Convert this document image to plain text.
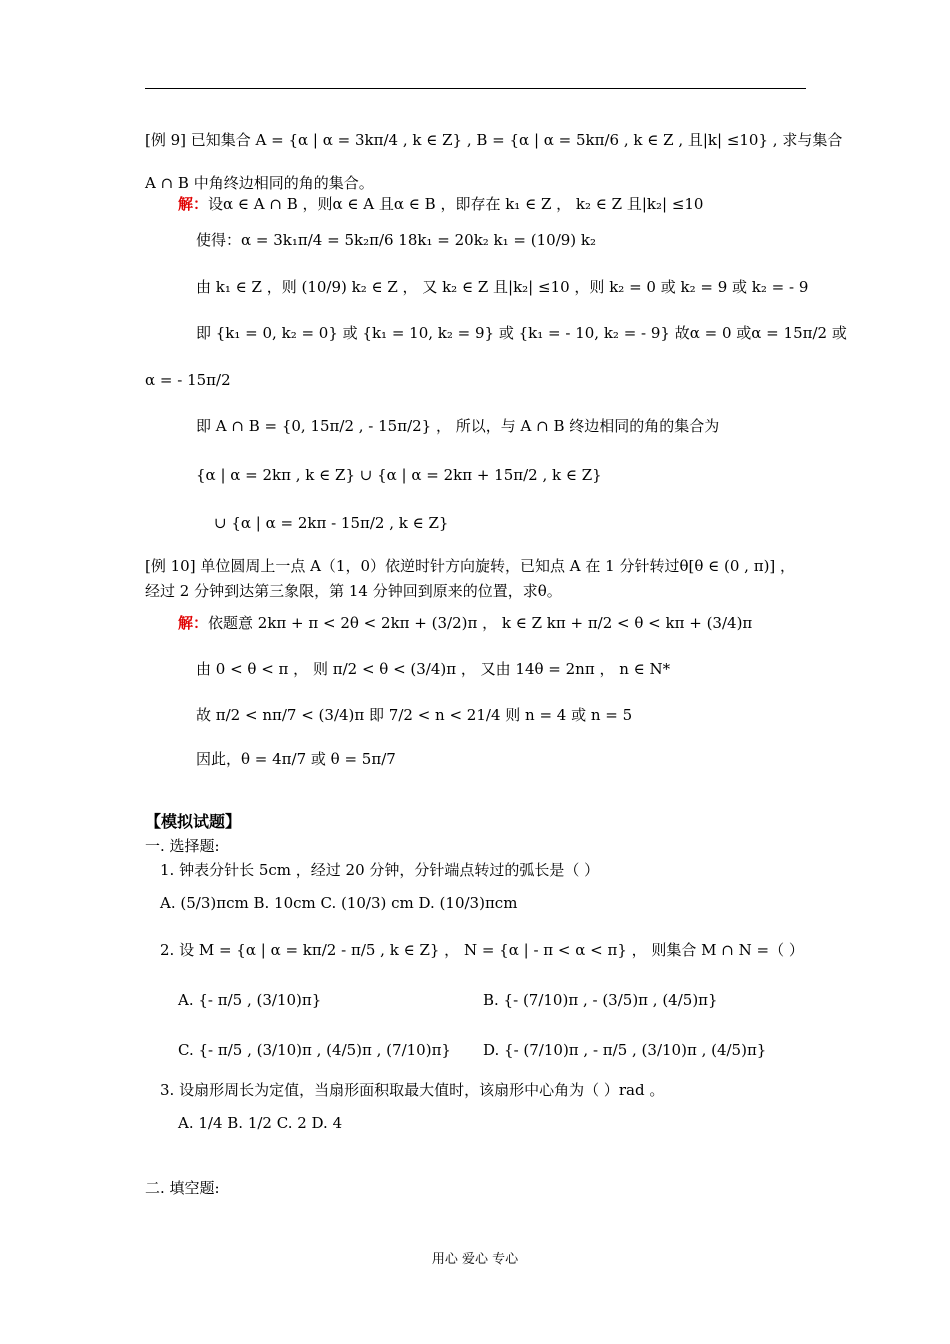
[例 9] 已知集合 A = {α | α = 3kπ/4 , k ∈ Z} , B = {α | α = 5kπ/6 , k ∈ Z , 且|k| ≤10} , 求与集合
A ∩ B 中角终边相同的角的集合。
解：设α ∈ A ∩ B ，则α ∈ A 且α ∈ B ，即存在 k₁ ∈ Z ， k₂ ∈ Z 且|k₂| ≤10
使得：α = 3k₁π/4 = 5k₂π/6 18k₁ = 20k₂ k₁ = (10/9) k₂
由 k₁ ∈ Z ，则 (10/9) k₂ ∈ Z ， 又 k₂ ∈ Z 且|k₂| ≤10 ，则 k₂ = 0 或 k₂ = 9 或 k₂ = - 9
即 {k₁ = 0, k₂ = 0} 或 {k₁ = 10, k₂ = 9} 或 {k₁ = - 10, k₂ = - 9} 故α = 0 或α = 15π/2 或
α = - 15π/2
即 A ∩ B = {0, 15π/2 , - 15π/2} ， 所以，与 A ∩ B 终边相同的角的集合为
{α | α = 2kπ , k ∈ Z} ∪ {α | α = 2kπ + 15π/2 , k ∈ Z}
∪ {α | α = 2kπ - 15π/2 , k ∈ Z}
[例 10] 单位圆周上一点 A（1，0）依逆时针方向旋转，已知点 A 在 1 分针转过θ[θ ∈ (0 , π)] ，
经过 2 分钟到达第三象限，第 14 分钟回到原来的位置，求θ。
解：依题意 2kπ + π < 2θ < 2kπ + (3/2)π ， k ∈ Z kπ + π/2 < θ < kπ + (3/4)π
由 0 < θ < π ， 则 π/2 < θ < (3/4)π ， 又由 14θ = 2nπ ， n ∈ N*
故 π/2 < nπ/7 < (3/4)π 即 7/2 < n < 21/4 则 n = 4 或 n = 5
因此，θ = 4π/7 或 θ = 5π/7
【模拟试题】
一. 选择题:
1. 钟表分针长 5cm ，经过 20 分钟，分针端点转过的弧长是（ ）
A. (5/3)πcm B. 10cm C. (10/3) cm D. (10/3)πcm
2. 设 M = {α | α = kπ/2 - π/5 , k ∈ Z} ， N = {α | - π < α < π} ， 则集合 M ∩ N =（ ）
A. {- π/5 , (3/10)π}	B. {- (7/10)π , - (3/5)π , (4/5)π}
C. {- π/5 , (3/10)π , (4/5)π , (7/10)π} D. {- (7/10)π , - π/5 , (3/10)π , (4/5)π}
3. 设扇形周长为定值，当扇形面积取最大值时，该扇形中心角为（ ）rad 。
A. 1/4 B. 1/2 C. 2 D. 4
二. 填空题:
用心 爱心 专心
